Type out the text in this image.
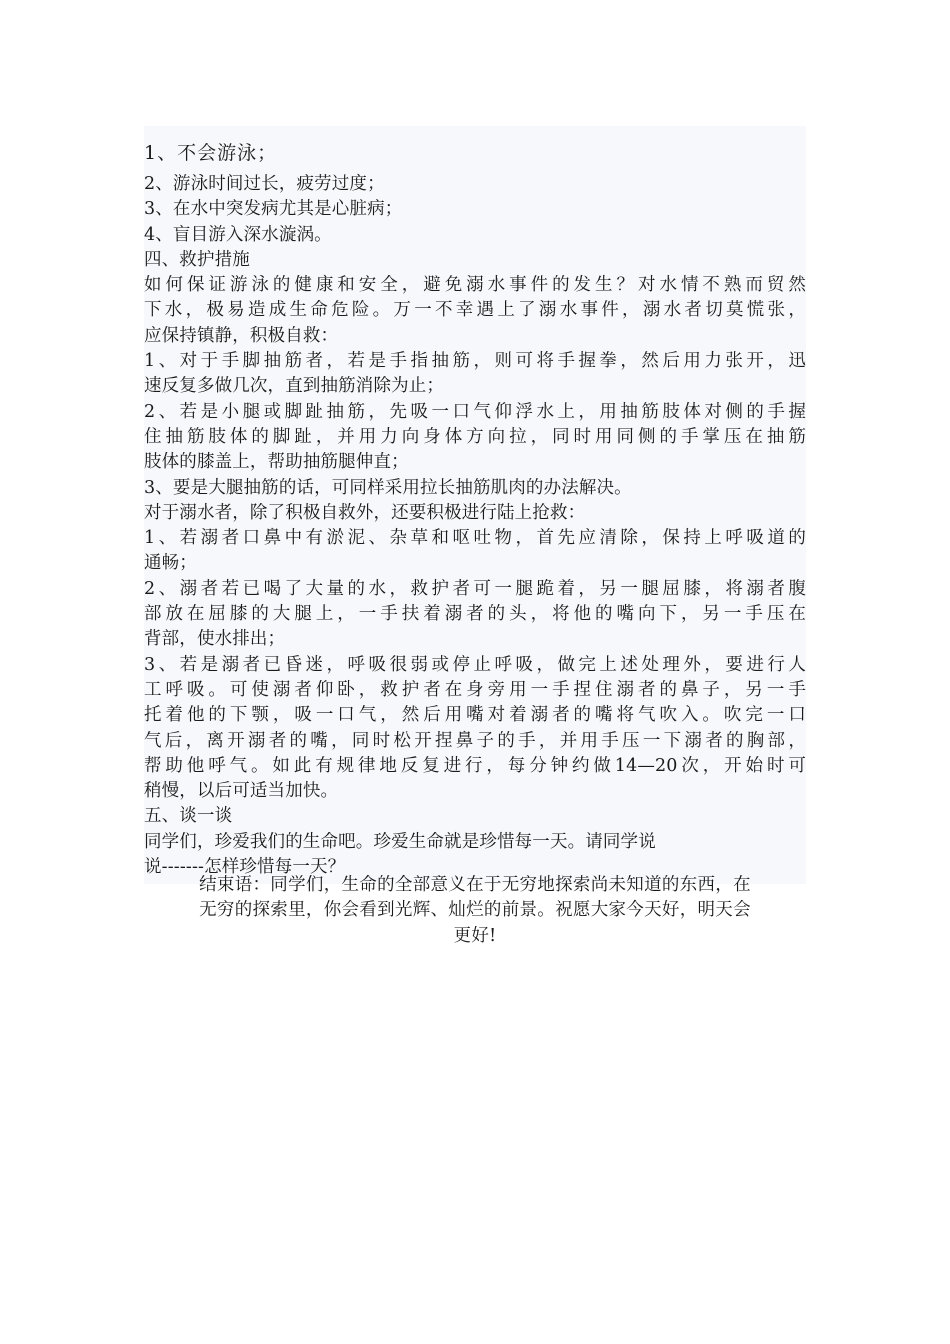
1、不会游泳；
2、游泳时间过长，疲劳过度；
3、在水中突发病尤其是心脏病；
4、盲目游入深水漩涡。
四、救护措施
如何保证游泳的健康和安全，避免溺水事件的发生？对水情不熟而贸然
下水，极易造成生命危险。万一不幸遇上了溺水事件，溺水者切莫慌张，
应保持镇静，积极自救：
1、对于手脚抽筋者，若是手指抽筋，则可将手握拳，然后用力张开，迅
速反复多做几次，直到抽筋消除为止；
2、若是小腿或脚趾抽筋，先吸一口气仰浮水上，用抽筋肢体对侧的手握
住抽筋肢体的脚趾，并用力向身体方向拉，同时用同侧的手掌压在抽筋
肢体的膝盖上，帮助抽筋腿伸直；
3、要是大腿抽筋的话，可同样采用拉长抽筋肌肉的办法解决。
对于溺水者，除了积极自救外，还要积极进行陆上抢救：
1、若溺者口鼻中有淤泥、杂草和呕吐物，首先应清除，保持上呼吸道的
通畅；
2、溺者若已喝了大量的水，救护者可一腿跪着，另一腿屈膝，将溺者腹
部放在屈膝的大腿上，一手扶着溺者的头，将他的嘴向下，另一手压在
背部，使水排出；
3、若是溺者已昏迷，呼吸很弱或停止呼吸，做完上述处理外，要进行人
工呼吸。可使溺者仰卧，救护者在身旁用一手捏住溺者的鼻子，另一手
托着他的下颚，吸一口气，然后用嘴对着溺者的嘴将气吹入。吹完一口
气后，离开溺者的嘴，同时松开捏鼻子的手，并用手压一下溺者的胸部，
帮助他呼气。如此有规律地反复进行，每分钟约做14—20次，开始时可
稍慢，以后可适当加快。
五、谈一谈
同学们，珍爱我们的生命吧。珍爱生命就是珍惜每一天。请同学说
说-------怎样珍惜每一天？
结束语：同学们，生命的全部意义在于无穷地探索尚未知道的东西，在
无穷的探索里，你会看到光辉、灿烂的前景。祝愿大家今天好，明天会
更好!
